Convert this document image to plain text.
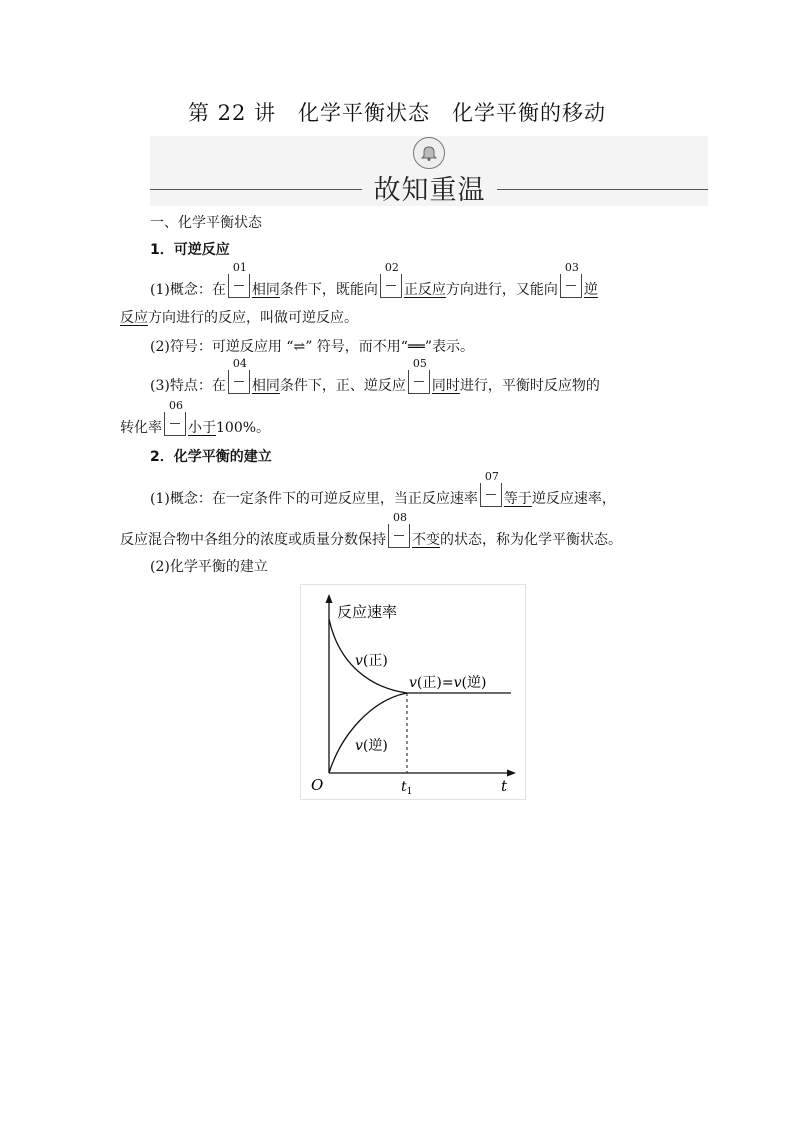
第 22 讲　化学平衡状态　化学平衡的移动
故知重温
一、化学平衡状态
1．可逆反应
(1)概念：在
01
相同条件下，既能向
02
正反应方向进行，又能向
03
逆
反应方向进行的反应，叫做可逆反应。
(2)符号：可逆反应用 “⇌” 符号，而不用“══”表示。
(3)特点：在
04
相同条件下，正、逆反应
05
同时进行，平衡时反应物的
转化率
06
小于100%。
2．化学平衡的建立
(1)概念：在一定条件下的可逆反应里，当正反应速率
07
等于逆反应速率，
反应混合物中各组分的浓度或质量分数保持
08
不变的状态，称为化学平衡状态。
(2)化学平衡的建立
反应速率
v(正)
v(正)=v(逆)
v(逆)
O	$t_1$	t
